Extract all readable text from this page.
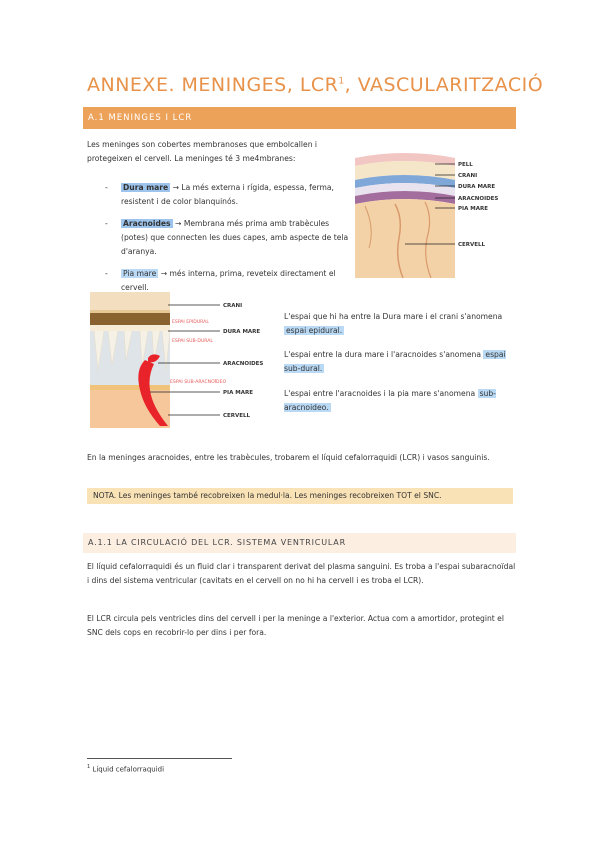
ANNEXE. MENINGES, LCR$^1$, VASCULARITZACIÓ
A.1 MENINGES I LCR
Les meninges son cobertes membranoses que embolcallen i protegeixen el cervell. La meninges té 3 me4mbranes:
- Dura mare → La més externa i rígida, espessa, ferma, resistent i de color blanquinós.
- Aracnoides → Membrana més prima amb trabècules (potes) que connecten les dues capes, amb aspecte de tela d'aranya.
- Pia mare → més interna, prima, reveteix directament el cervell.
PELL
CRANI
DURA MARE
ARACNOIDES
PIA MARE
CERVELL
CRANI
ESPAI EPIDURAL
DURA MARE
ESPAI SUB-DURAL
ARACNOIDES
ESPAI SUB-ARACNOÏDEO
PIA MARE
CERVELL
L'espai que hi ha entre la Dura mare i el crani s'anomena espai epidural.
L'espai entre la dura mare i l'aracnoides s'anomena espai sub-dural.
L'espai entre l'aracnoides i la pia mare s'anomena sub-aracnoideo.
En la meninges aracnoides, entre les trabècules, trobarem el líquid cefalorraquidi (LCR) i vasos sanguinis.
NOTA. Les meninges també recobreixen la medul·la. Les meninges recobreixen TOT el SNC.
A.1.1 LA CIRCULACIÓ DEL LCR. SISTEMA VENTRICULAR
El líquid cefalorraquidi és un fluid clar i transparent derivat del plasma sanguini. Es troba a l'espai subaracnoïdal i dins del sistema ventricular (cavitats en el cervell on no hi ha cervell i es troba el LCR).
El LCR circula pels ventricles dins del cervell i per la meninge a l'exterior. Actua com a amortidor, protegint el SNC dels cops en recobrir-lo per dins i per fora.
$^1$ Líquid cefalorraquidi
